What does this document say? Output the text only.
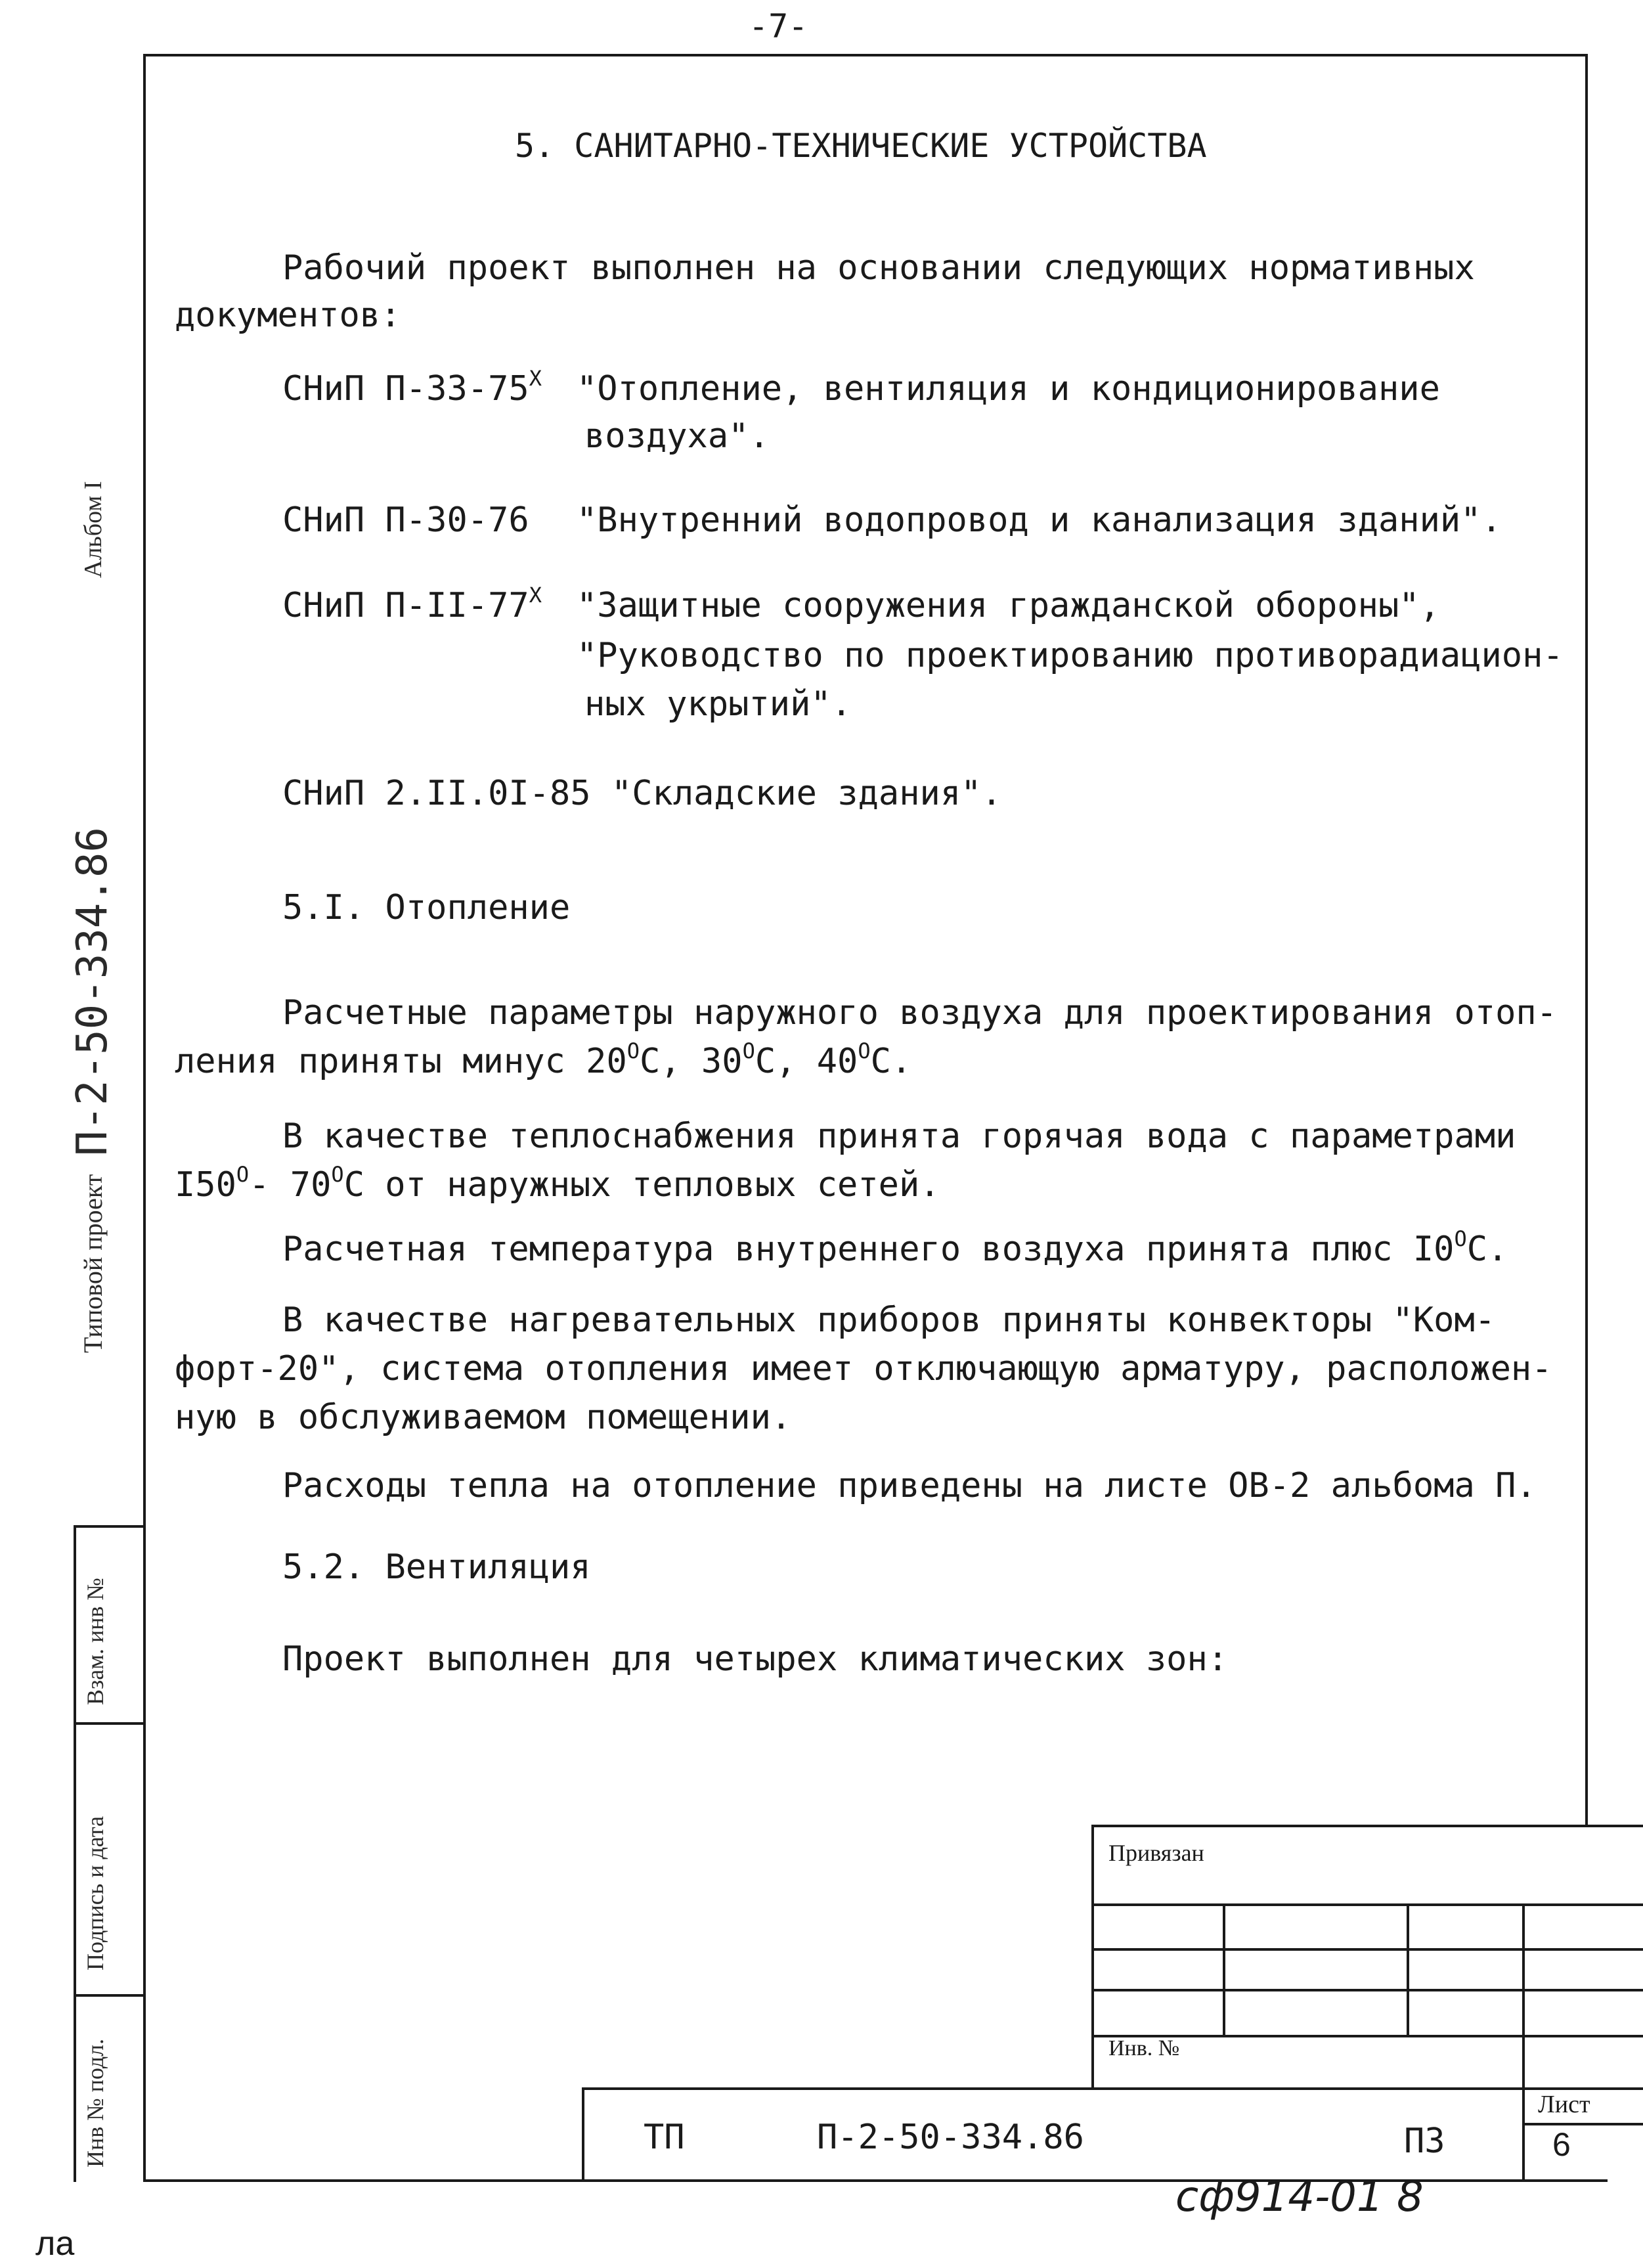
-7-
Альбом I
Типовой проект
П-2-50-334.86
Взам. инв №
Подпись и дата
Инв № подл.
5. САНИТАРНО-ТЕХНИЧЕСКИЕ УСТРОЙСТВА
Рабочий проект выполнен на основании следующих нормативных
документов:
СНиП $П-33-75^Х$ "Отопление, вентиляция и кондиционирование
воздуха".
СНиП П-30-76 "Внутренний водопровод и канализация зданий".
СНиП $П-II-77^Х$ "Защитные сооружения гражданской обороны",
"Руководство по проектированию противорадиацион-
ных укрытий".
СНиП 2.II.0I-85 "Складские здания".
5.I. Отопление
Расчетные параметры наружного воздуха для проектирования отоп-
ления приняты минус $20^ОС$, $30^ОС$, $40^ОС$.
В качестве теплоснабжения принята горячая вода с параметрами
$I50^О-$ $70^ОС$ от наружных тепловых сетей.
Расчетная температура внутреннего воздуха принята плюс $I0^ОС$.
В качестве нагревательных приборов приняты конвекторы "Ком-
форт-20", система отопления имеет отключающую арматуру, расположен-
ную в обслуживаемом помещении.
Расходы тепла на отопление приведены на листе ОВ-2 альбома П.
5.2. Вентиляция
Проект выполнен для четырех климатических зон:
Привязан
Инв. №
ТП	П-2-50-334.86	ПЗ
Лист
6
сф914-01 8
ла
